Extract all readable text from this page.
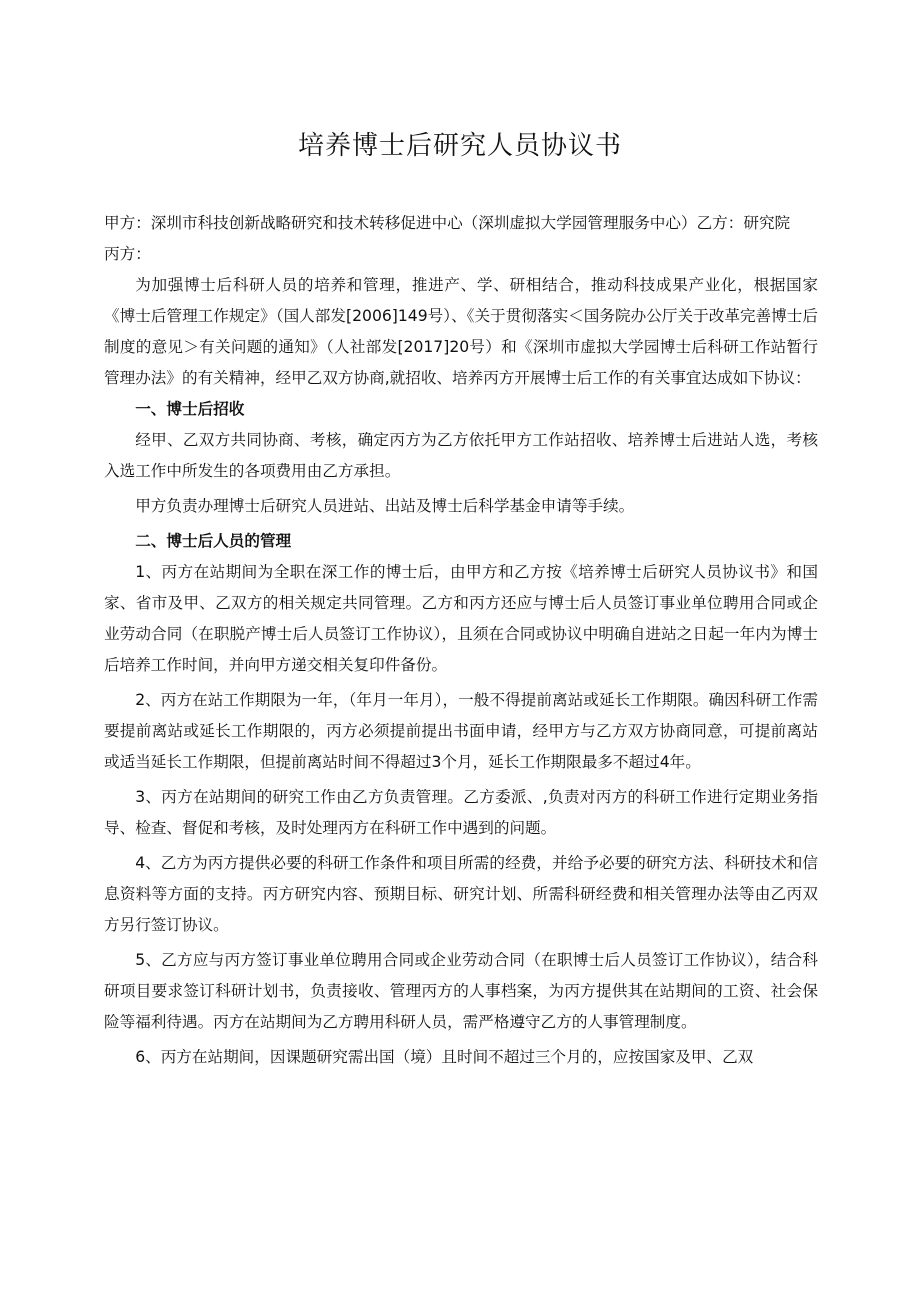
培养博士后研究人员协议书

甲方：深圳市科技创新战略研究和技术转移促进中心（深圳虚拟大学园管理服务中心）乙方：研究院

丙方：

为加强博士后科研人员的培养和管理，推进产、学、研相结合，推动科技成果产业化，根据国家《博士后管理工作规定》（国人部发[2006]149号）、《关于贯彻落实＜国务院办公厅关于改革完善博士后制度的意见＞有关问题的通知》（人社部发[2017]20号）和《深圳市虚拟大学园博士后科研工作站暂行管理办法》的有关精神，经甲乙双方协商,就招收、培养丙方开展博士后工作的有关事宜达成如下协议：

一、博士后招收

经甲、乙双方共同协商、考核，确定丙方为乙方依托甲方工作站招收、培养博士后进站人选，考核入选工作中所发生的各项费用由乙方承担。

甲方负责办理博士后研究人员进站、出站及博士后科学基金申请等手续。

二、博士后人员的管理

1、丙方在站期间为全职在深工作的博士后，由甲方和乙方按《培养博士后研究人员协议书》和国家、省市及甲、乙双方的相关规定共同管理。乙方和丙方还应与博士后人员签订事业单位聘用合同或企业劳动合同（在职脱产博士后人员签订工作协议），且须在合同或协议中明确自进站之日起一年内为博士后培养工作时间，并向甲方递交相关复印件备份。

2、丙方在站工作期限为一年，（年月一年月），一般不得提前离站或延长工作期限。确因科研工作需要提前离站或延长工作期限的，丙方必须提前提出书面申请，经甲方与乙方双方协商同意，可提前离站或适当延长工作期限，但提前离站时间不得超过3个月，延长工作期限最多不超过4年。

3、丙方在站期间的研究工作由乙方负责管理。乙方委派、,负责对丙方的科研工作进行定期业务指导、检查、督促和考核，及时处理丙方在科研工作中遇到的问题。

4、乙方为丙方提供必要的科研工作条件和项目所需的经费，并给予必要的研究方法、科研技术和信息资料等方面的支持。丙方研究内容、预期目标、研究计划、所需科研经费和相关管理办法等由乙丙双方另行签订协议。

5、乙方应与丙方签订事业单位聘用合同或企业劳动合同（在职博士后人员签订工作协议），结合科研项目要求签订科研计划书，负责接收、管理丙方的人事档案，为丙方提供其在站期间的工资、社会保险等福利待遇。丙方在站期间为乙方聘用科研人员，需严格遵守乙方的人事管理制度。

6、丙方在站期间，因课题研究需出国（境）且时间不超过三个月的，应按国家及甲、乙双
